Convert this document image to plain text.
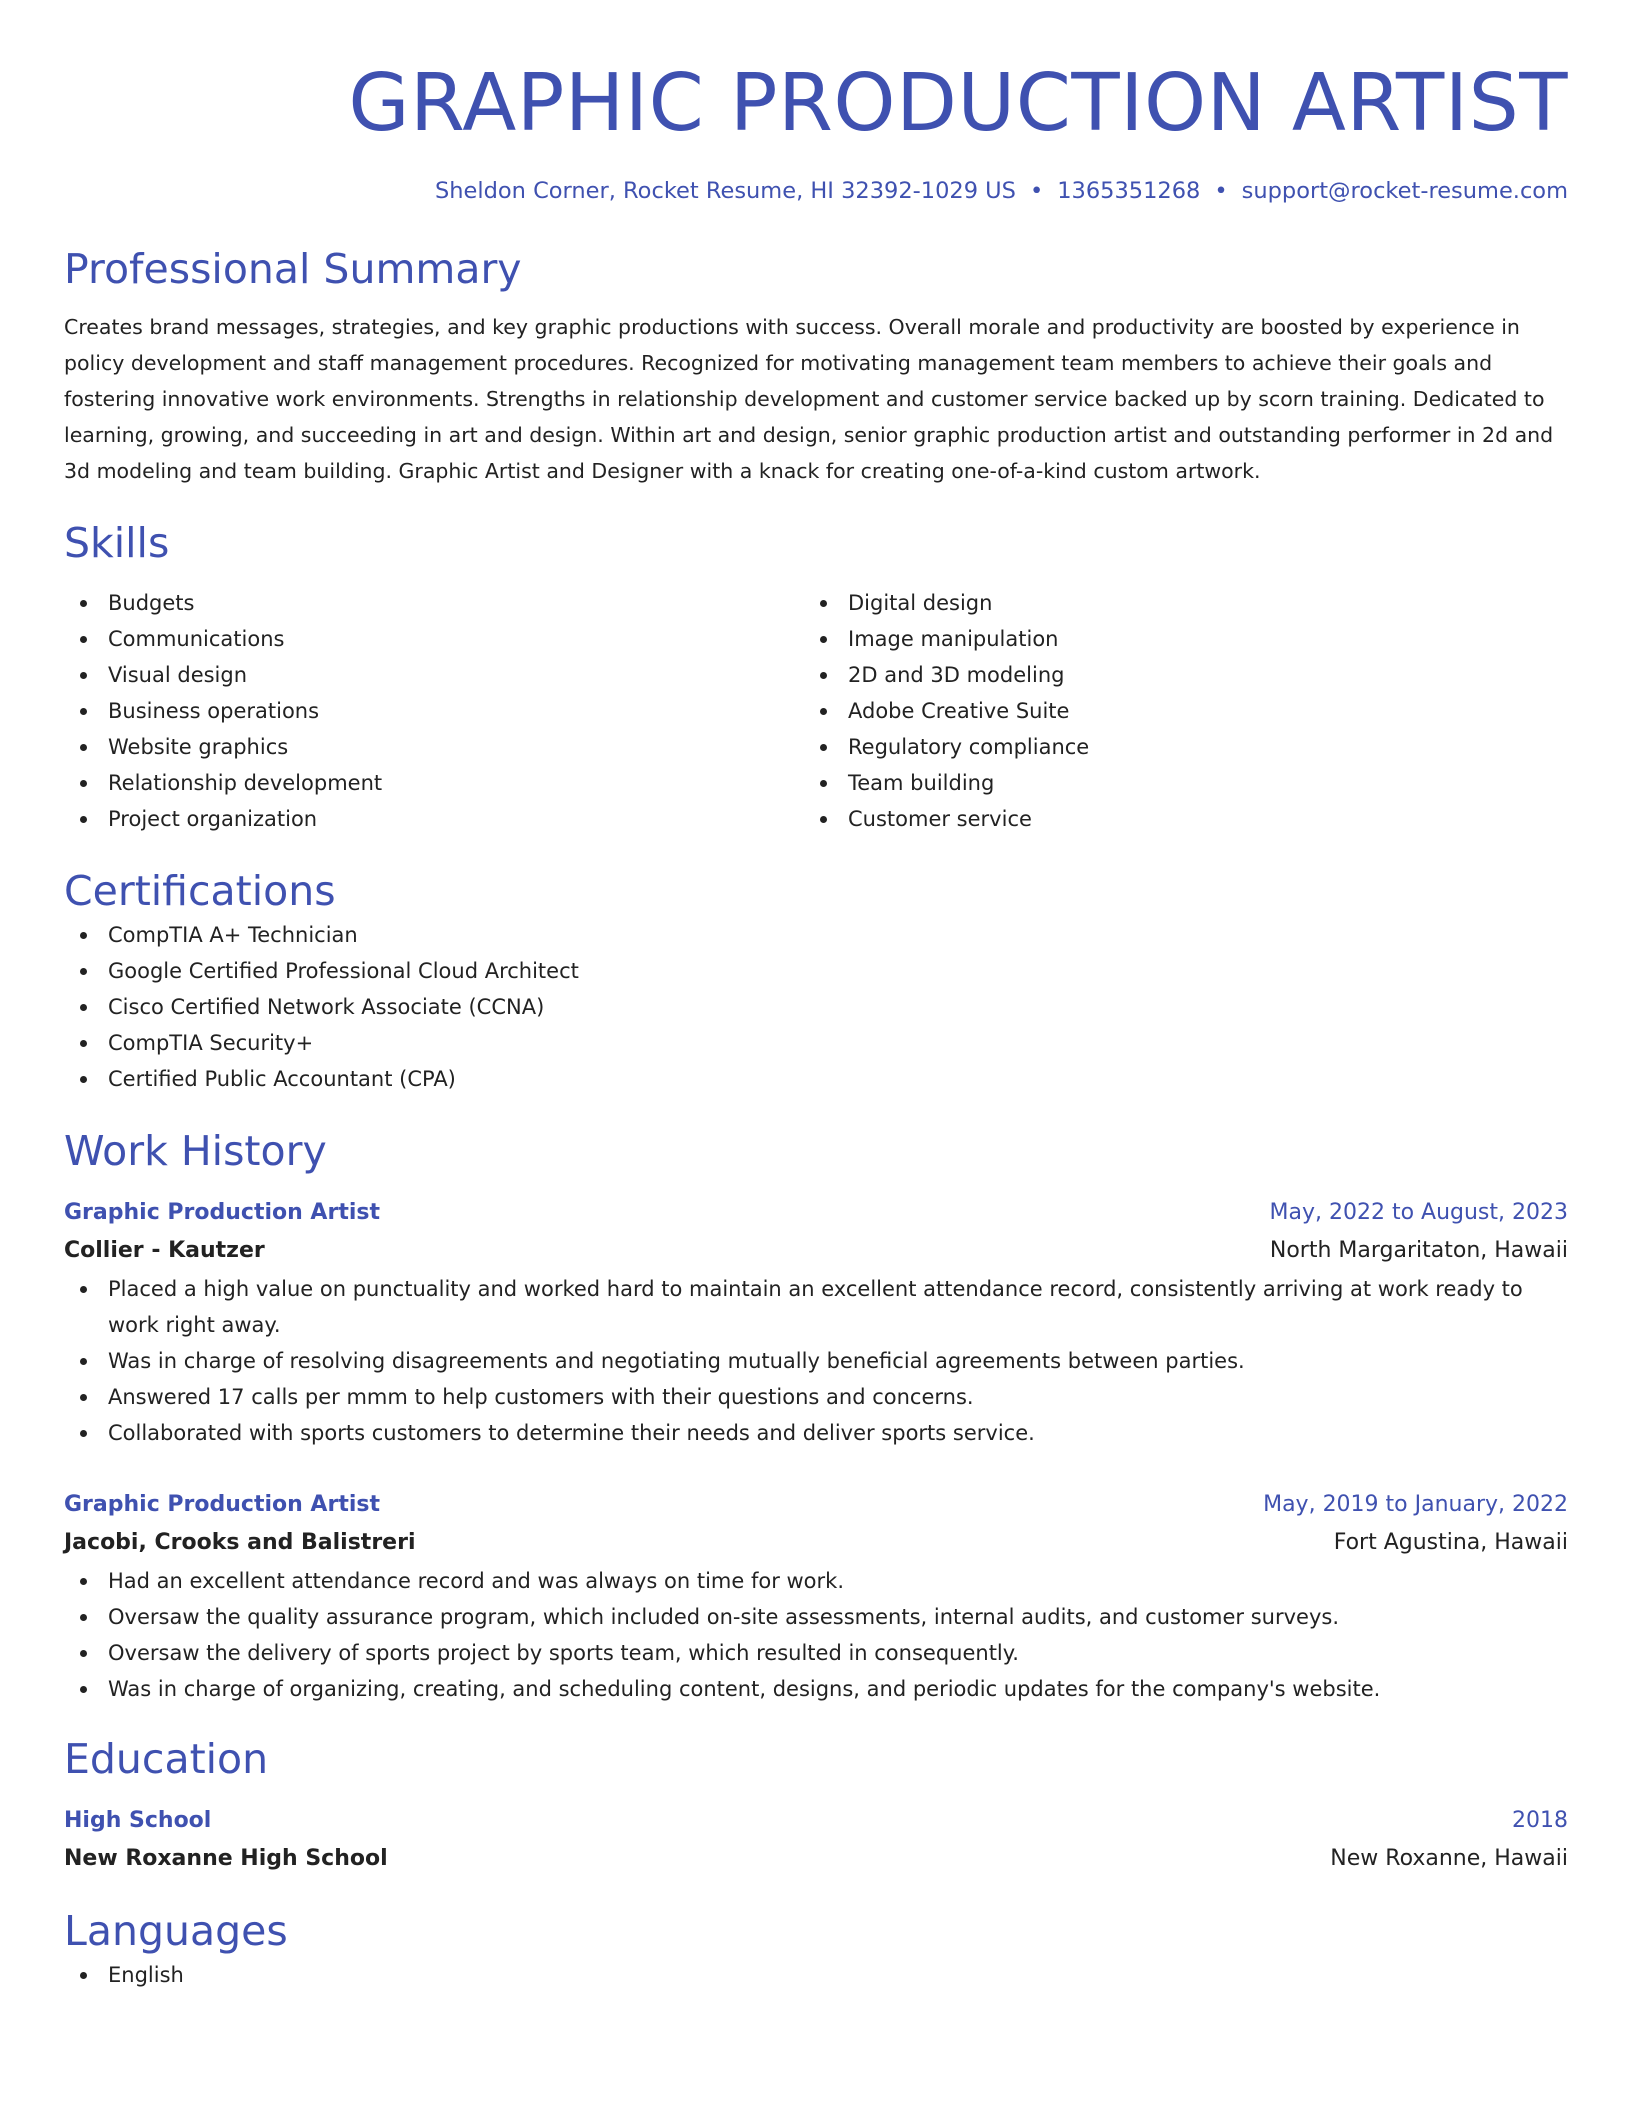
GRAPHIC PRODUCTION ARTIST
Sheldon Corner, Rocket Resume, HI 32392-1029 US • 1365351268 • support@rocket-resume.com
Professional Summary

Creates brand messages, strategies, and key graphic productions with success. Overall morale and productivity are boosted by experience in policy development and staff management procedures. Recognized for motivating management team members to achieve their goals and fostering innovative work environments. Strengths in relationship development and customer service backed up by scorn training. Dedicated to learning, growing, and succeeding in art and design. Within art and design, senior graphic production artist and outstanding performer in 2d and 3d modeling and team building. Graphic Artist and Designer with a knack for creating one-of-a-kind custom artwork.

Skills
Budgets
Communications
Visual design
Business operations
Website graphics
Relationship development
Project organization
Digital design
Image manipulation
2D and 3D modeling
Adobe Creative Suite
Regulatory compliance
Team building
Customer service
Certifications
CompTIA A+ Technician
Google Certified Professional Cloud Architect
Cisco Certified Network Associate (CCNA)
CompTIA Security+
Certified Public Accountant (CPA)
Work History
Graphic Production Artist	May, 2022 to August, 2023
Collier - Kautzer	North Margaritaton, Hawaii
Placed a high value on punctuality and worked hard to maintain an excellent attendance record, consistently arriving at work ready to work right away.
Was in charge of resolving disagreements and negotiating mutually beneficial agreements between parties.
Answered 17 calls per mmm to help customers with their questions and concerns.
Collaborated with sports customers to determine their needs and deliver sports service.
Graphic Production Artist	May, 2019 to January, 2022
Jacobi, Crooks and Balistreri	Fort Agustina, Hawaii
Had an excellent attendance record and was always on time for work.
Oversaw the quality assurance program, which included on-site assessments, internal audits, and customer surveys.
Oversaw the delivery of sports project by sports team, which resulted in consequently.
Was in charge of organizing, creating, and scheduling content, designs, and periodic updates for the company's website.
Education
High School	2018
New Roxanne High School	New Roxanne, Hawaii
Languages
English
